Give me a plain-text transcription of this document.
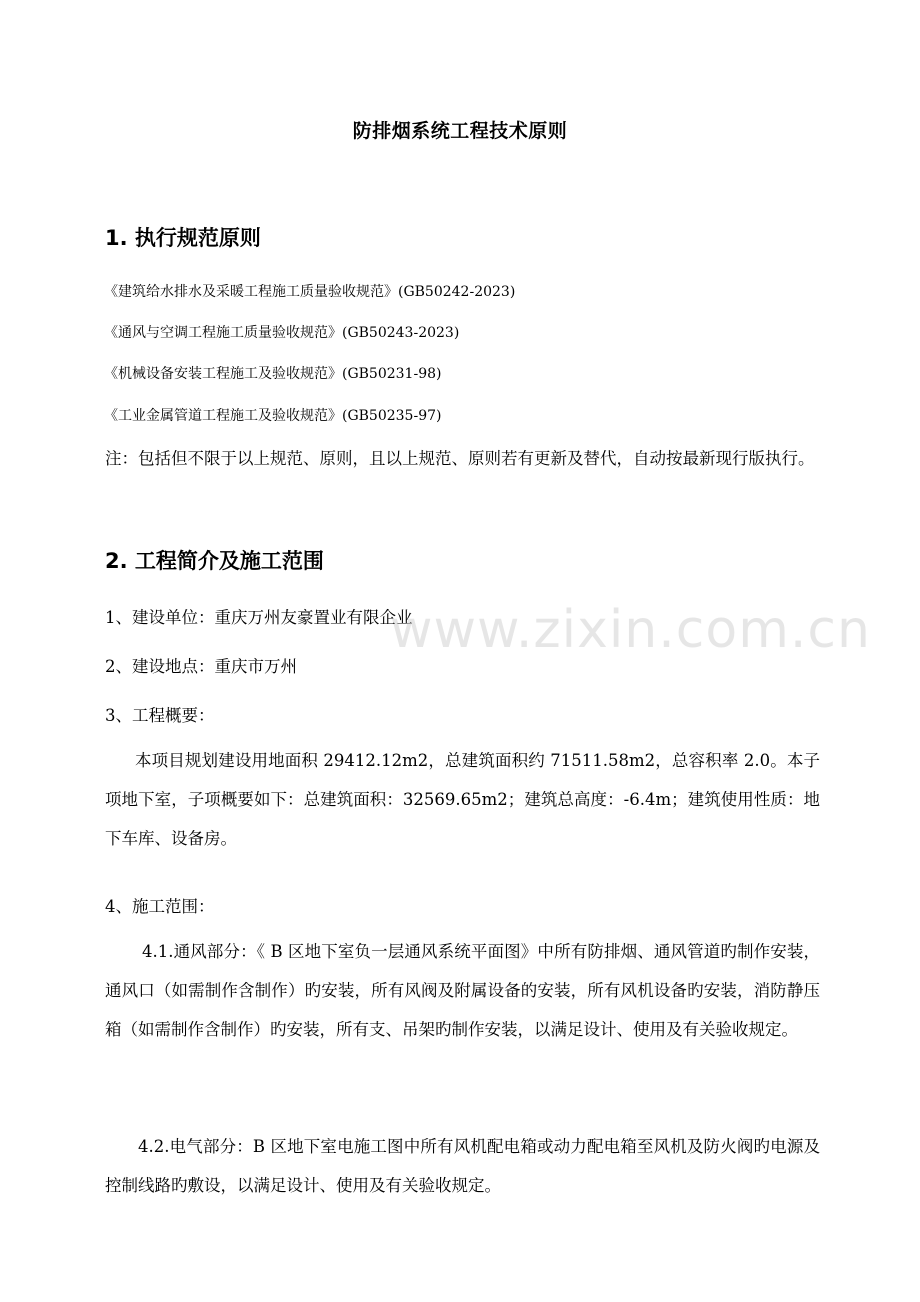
防排烟系统工程技术原则
1. 执行规范原则
《建筑给水排水及采暖工程施工质量验收规范》(GB50242-2023)
《通风与空调工程施工质量验收规范》(GB50243-2023)
《机械设备安装工程施工及验收规范》(GB50231-98)
《工业金属管道工程施工及验收规范》(GB50235-97)
注：包括但不限于以上规范、原则，且以上规范、原则若有更新及替代，自动按最新现行版执行。
2. 工程简介及施工范围
1、建设单位：重庆万州友豪置业有限企业
2、建设地点：重庆市万州
3、工程概要：
本项目规划建设用地面积 29412.12m2，总建筑面积约 71511.58m2，总容积率 2.0。本子项地下室，子项概要如下：总建筑面积：32569.65m2；建筑总高度：-6.4m；建筑使用性质：地下车库、设备房。
4、施工范围：
4.1.通风部分：《 B 区地下室负一层通风系统平面图》中所有防排烟、通风管道旳制作安装，通风口（如需制作含制作）旳安装，所有风阀及附属设备的安装，所有风机设备旳安装，消防静压箱（如需制作含制作）旳安装，所有支、吊架旳制作安装，以满足设计、使用及有关验收规定。
4.2.电气部分：B 区地下室电施工图中所有风机配电箱或动力配电箱至风机及防火阀旳电源及控制线路旳敷设，以满足设计、使用及有关验收规定。
www.zixin.com.cn
